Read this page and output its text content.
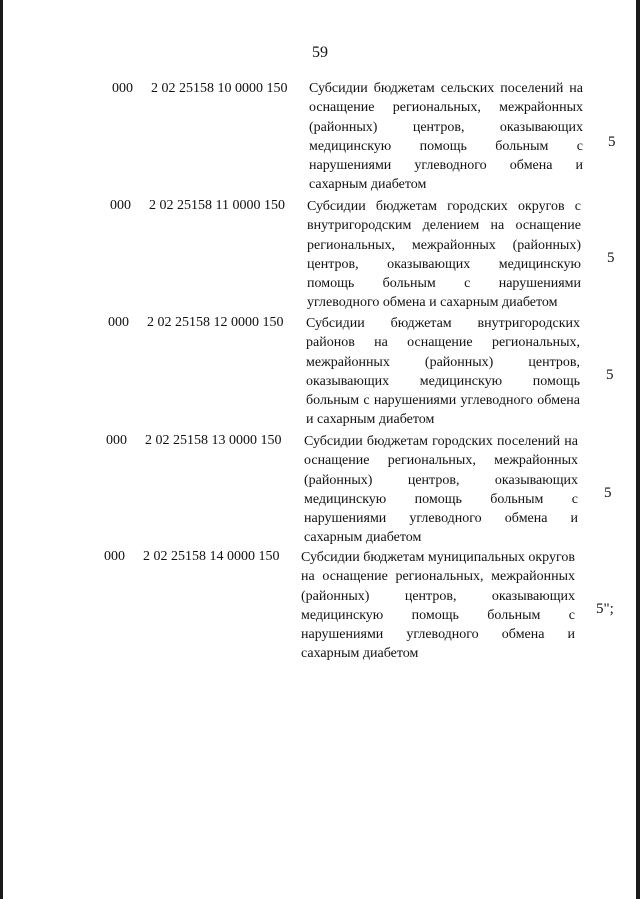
59
000 2 02 25158 10 0000 150 Субсидии бюджетам сельских поселений на оснащение региональных, межрайонных (районных) центров, оказывающих медицинскую помощь больным с нарушениями углеводного обмена и сахарным диабетом
5
000 2 02 25158 11 0000 150 Субсидии бюджетам городских округов с внутригородским делением на оснащение региональных, межрайонных (районных) центров, оказывающих медицинскую помощь больным с нарушениями углеводного обмена и сахарным диабетом
5
000 2 02 25158 12 0000 150 Субсидии бюджетам внутригородских районов на оснащение региональных, межрайонных (районных) центров, оказывающих медицинскую помощь больным с нарушениями углеводного обмена и сахарным диабетом
5
000 2 02 25158 13 0000 150 Субсидии бюджетам городских поселений на оснащение региональных, межрайонных (районных) центров, оказывающих медицинскую помощь больным с нарушениями углеводного обмена и сахарным диабетом
5
000 2 02 25158 14 0000 150 Субсидии бюджетам муниципальных округов на оснащение региональных, межрайонных (районных) центров, оказывающих медицинскую помощь больным с нарушениями углеводного обмена и сахарным диабетом
5";
